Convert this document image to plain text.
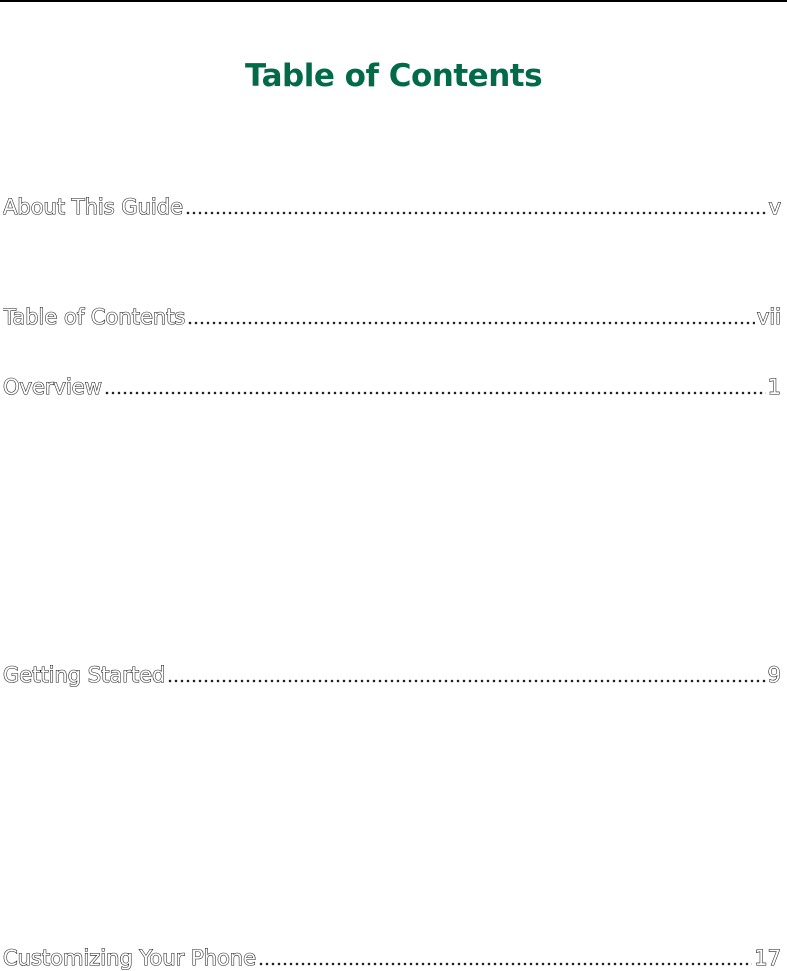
Table of Contents
About This Guide	v
Table of Contents	vii
Overview	1
Getting Started	9
Customizing Your Phone	17
